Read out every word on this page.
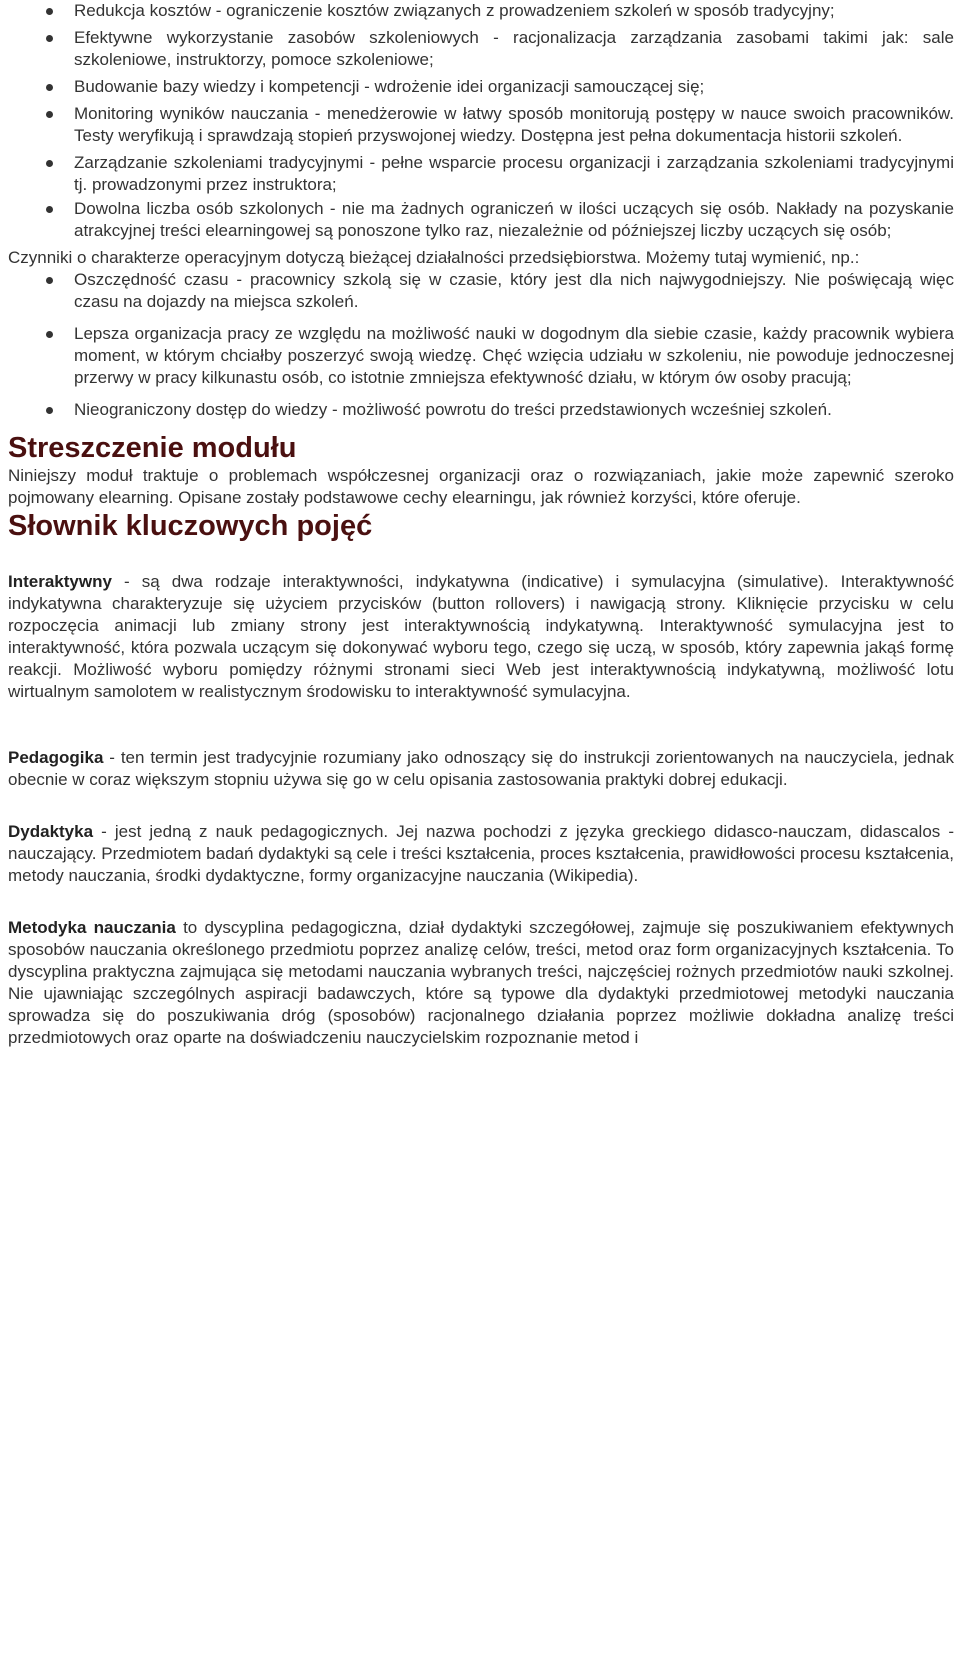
Redukcja kosztów - ograniczenie kosztów związanych z prowadzeniem szkoleń w sposób tradycyjny;
Efektywne wykorzystanie zasobów szkoleniowych - racjonalizacja zarządzania zasobami takimi jak: sale szkoleniowe, instruktorzy, pomoce szkoleniowe;
Budowanie bazy wiedzy i kompetencji - wdrożenie idei organizacji samouczącej się;
Monitoring wyników nauczania - menedżerowie w łatwy sposób monitorują postępy w nauce swoich pracowników. Testy weryfikują i sprawdzają stopień przyswojonej wiedzy. Dostępna jest pełna dokumentacja historii szkoleń.
Zarządzanie szkoleniami tradycyjnymi - pełne wsparcie procesu organizacji i zarządzania szkoleniami tradycyjnymi tj. prowadzonymi przez instruktora;
Dowolna liczba osób szkolonych - nie ma żadnych ograniczeń w ilości uczących się osób. Nakłady na pozyskanie atrakcyjnej treści elearningowej są ponoszone tylko raz, niezależnie od późniejszej liczby uczących się osób;

Czynniki o charakterze operacyjnym dotyczą bieżącej działalności przedsiębiorstwa. Możemy tutaj wymienić, np.:

Oszczędność czasu - pracownicy szkolą się w czasie, który jest dla nich najwygodniejszy. Nie poświęcają więc czasu na dojazdy na miejsca szkoleń.
Lepsza organizacja pracy ze względu na możliwość nauki w dogodnym dla siebie czasie, każdy pracownik wybiera moment, w którym chciałby poszerzyć swoją wiedzę. Chęć wzięcia udziału w szkoleniu, nie powoduje jednoczesnej przerwy w pracy kilkunastu osób, co istotnie zmniejsza efektywność działu, w którym ów osoby pracują;
Nieograniczony dostęp do wiedzy - możliwość powrotu do treści przedstawionych wcześniej szkoleń.
Streszczenie modułu

Niniejszy moduł traktuje o problemach współczesnej organizacji oraz o rozwiązaniach, jakie może zapewnić szeroko pojmowany elearning. Opisane zostały podstawowe cechy elearningu, jak również korzyści, które oferuje.

Słownik kluczowych pojęć

Interaktywny - są dwa rodzaje interaktywności, indykatywna (indicative) i symulacyjna (simulative). Interaktywność indykatywna charakteryzuje się użyciem przycisków (button rollovers) i nawigacją strony. Kliknięcie przycisku w celu rozpoczęcia animacji lub zmiany strony jest interaktywnością indykatywną. Interaktywność symulacyjna jest to interaktywność, która pozwala uczącym się dokonywać wyboru tego, czego się uczą, w sposób, który zapewnia jakąś formę reakcji. Możliwość wyboru pomiędzy różnymi stronami sieci Web jest interaktywnością indykatywną, możliwość lotu wirtualnym samolotem w realistycznym środowisku to interaktywność symulacyjna.

Pedagogika - ten termin jest tradycyjnie rozumiany jako odnoszący się do instrukcji zorientowanych na nauczyciela, jednak obecnie w coraz większym stopniu używa się go w celu opisania zastosowania praktyki dobrej edukacji.

Dydaktyka - jest jedną z nauk pedagogicznych. Jej nazwa pochodzi z języka greckiego didasco-nauczam, didascalos -nauczający. Przedmiotem badań dydaktyki są cele i treści kształcenia, proces kształcenia, prawidłowości procesu kształcenia, metody nauczania, środki dydaktyczne, formy organizacyjne nauczania (Wikipedia).

Metodyka nauczania to dyscyplina pedagogiczna, dział dydaktyki szczegółowej, zajmuje się poszukiwaniem efektywnych sposobów nauczania określonego przedmiotu poprzez analizę celów, treści, metod oraz form organizacyjnych kształcenia. To dyscyplina praktyczna zajmująca się metodami nauczania wybranych treści, najczęściej rożnych przedmiotów nauki szkolnej. Nie ujawniając szczególnych aspiracji badawczych, które są typowe dla dydaktyki przedmiotowej metodyki nauczania sprowadza się do poszukiwania dróg (sposobów) racjonalnego działania poprzez możliwie dokładna analizę treści przedmiotowych oraz oparte na doświadczeniu nauczycielskim rozpoznanie metod i
